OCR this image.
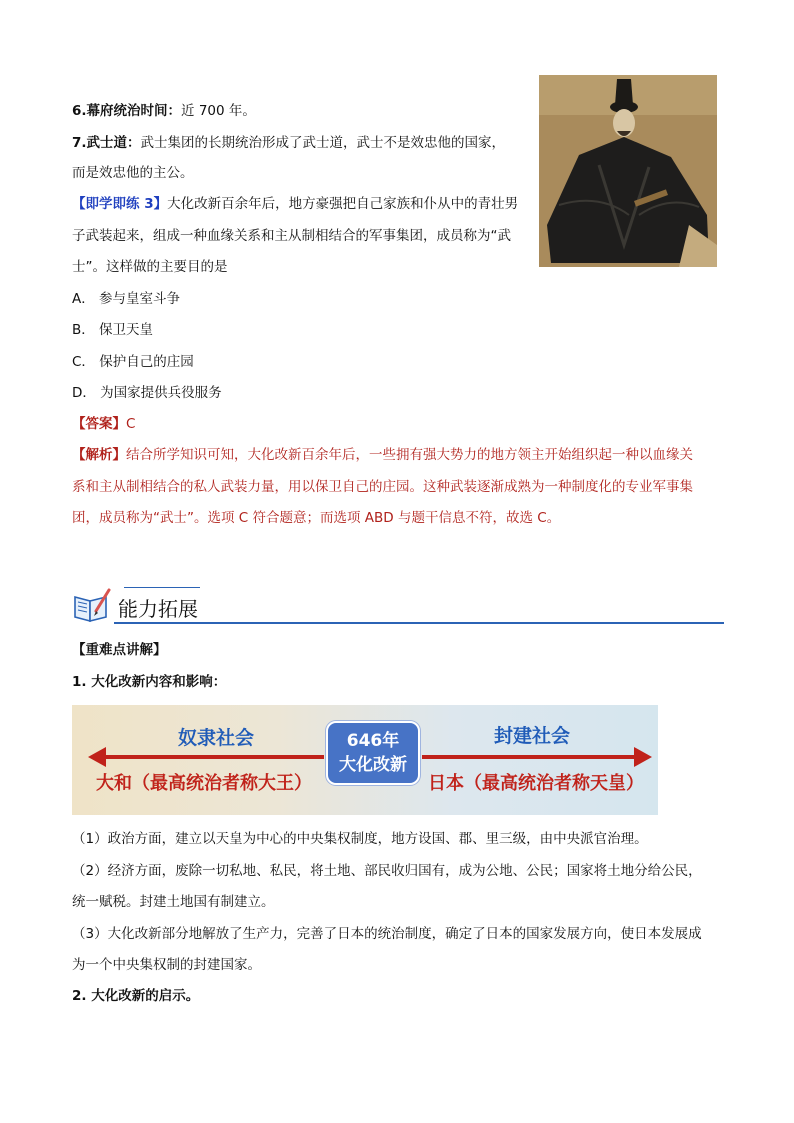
6.幕府统治时间：近 700 年。
7.武士道：武士集团的长期统治形成了武士道，武士不是效忠他的国家，
而是效忠他的主公。
【即学即练 3】大化改新百余年后，地方豪强把自己家族和仆从中的青壮男
子武装起来，组成一种血缘关系和主从制相结合的军事集团，成员称为“武
士”。这样做的主要目的是
A． 参与皇室斗争
B． 保卫天皇
C． 保护自己的庄园
D． 为国家提供兵役服务
【答案】C
【解析】结合所学知识可知，大化改新百余年后，一些拥有强大势力的地方领主开始组织起一种以血缘关
系和主从制相结合的私人武装力量，用以保卫自己的庄园。这种武装逐渐成熟为一种制度化的专业军事集
团，成员称为“武士”。选项 C 符合题意；而选项 ABD 与题干信息不符，故选 C。
能力拓展
【重难点讲解】
1. 大化改新内容和影响：
奴隶社会	封建社会
646年
大化改新
大和（最高统治者称大王）	日本（最高统治者称天皇）
（1）政治方面，建立以天皇为中心的中央集权制度，地方设国、郡、里三级，由中央派官治理。
（2）经济方面，废除一切私地、私民，将土地、部民收归国有，成为公地、公民；国家将土地分给公民，
统一赋税。封建土地国有制建立。
（3）大化改新部分地解放了生产力，完善了日本的统治制度，确定了日本的国家发展方向，使日本发展成
为一个中央集权制的封建国家。
2. 大化改新的启示。
